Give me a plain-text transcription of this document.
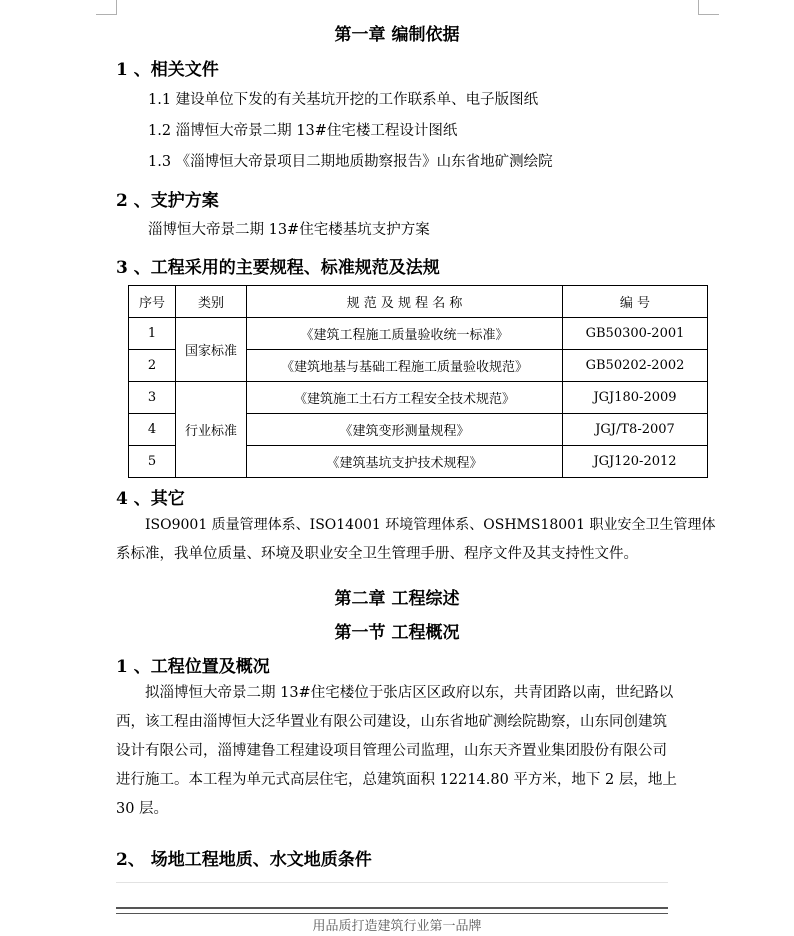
第一章 编制依据
1 、相关文件
1.1 建设单位下发的有关基坑开挖的工作联系单、电子版图纸
1.2 淄博恒大帝景二期 13#住宅楼工程设计图纸
1.3 《淄博恒大帝景项目二期地质勘察报告》山东省地矿测绘院
2 、支护方案
淄博恒大帝景二期 13#住宅楼基坑支护方案
3 、工程采用的主要规程、标准规范及法规
序号	类别	规 范 及 规 程 名 称	编 号
1	国家标准	《建筑工程施工质量验收统一标准》	GB50300-2001
2		《建筑地基与基础工程施工质量验收规范》	GB50202-2002
3	行业标准	《建筑施工土石方工程安全技术规范》	JGJ180-2009
4		《建筑变形测量规程》	JGJ/T8-2007
5		《建筑基坑支护技术规程》	JGJ120-2012
4 、其它
ISO9001 质量管理体系、ISO14001 环境管理体系、OSHMS18001 职业安全卫生管理体
系标准，我单位质量、环境及职业安全卫生管理手册、程序文件及其支持性文件。
第二章 工程综述
第一节 工程概况
1 、工程位置及概况
拟淄博恒大帝景二期 13#住宅楼位于张店区区政府以东，共青团路以南，世纪路以
西，该工程由淄博恒大泛华置业有限公司建设，山东省地矿测绘院勘察，山东同创建筑
设计有限公司，淄博建鲁工程建设项目管理公司监理，山东天齐置业集团股份有限公司
进行施工。本工程为单元式高层住宅，总建筑面积 12214.80 平方米，地下 2 层，地上
30 层。
2、 场地工程地质、水文地质条件
用品质打造建筑行业第一品牌
